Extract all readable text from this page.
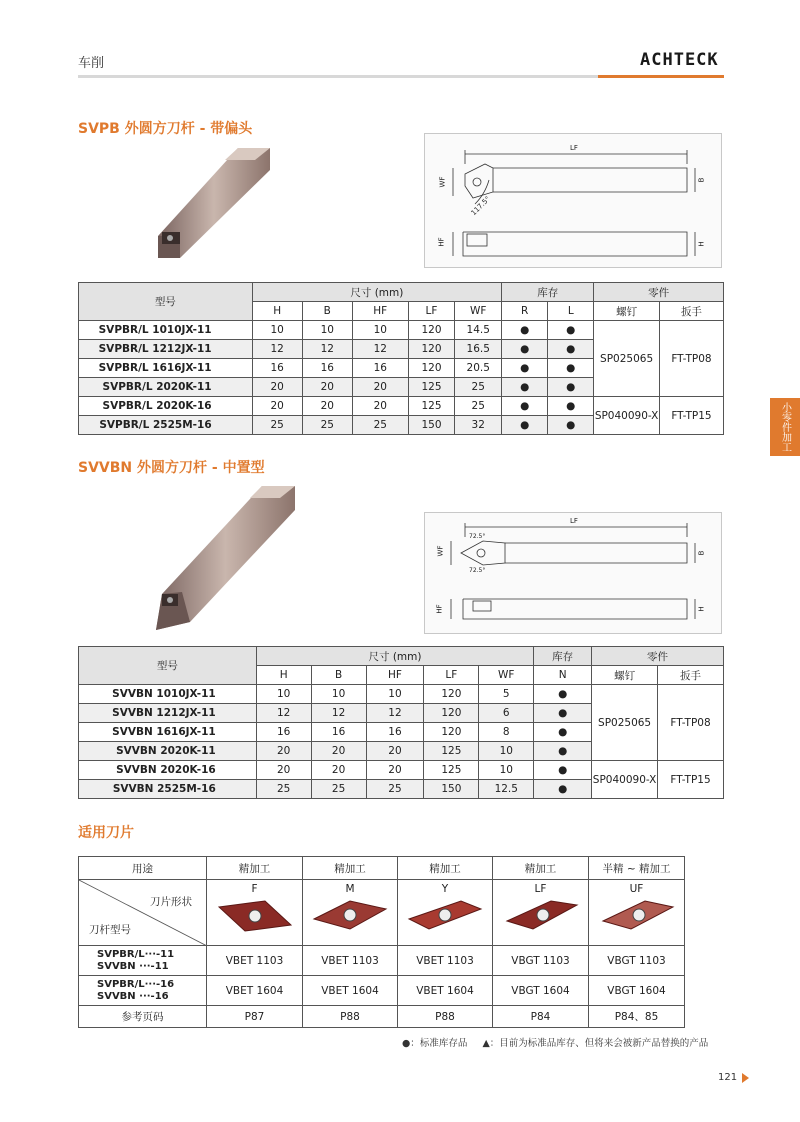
车削	ACHTECK
小零件加工
SVPB 外圆方刀杆 - 带偏头
LF
WF	B
117.5°
HF	H
型号	尺寸 (mm)					库存		零件	
	H	B	HF	LF	WF	R	L	螺钉	扳手
SVPBR/L 1010JX-11	10	10	10	120	14.5	●	●	SP025065	FT-TP08
SVPBR/L 1212JX-11	12	12	12	120	16.5	●	●		
SVPBR/L 1616JX-11	16	16	16	120	20.5	●	●		
SVPBR/L 2020K-11	20	20	20	125	25	●	●		
SVPBR/L 2020K-16	20	20	20	125	25	●	●	SP040090-X	FT-TP15
SVPBR/L 2525M-16	25	25	25	150	32	●	●		
SVVBN 外圆方刀杆 - 中置型
LF
WF	B
72.5°
72.5°
HF	H
型号	尺寸 (mm)					库存	零件	
	H	B	HF	LF	WF	N	螺钉	扳手
SVVBN 1010JX-11	10	10	10	120	5	●	SP025065	FT-TP08
SVVBN 1212JX-11	12	12	12	120	6	●		
SVVBN 1616JX-11	16	16	16	120	8	●		
SVVBN 2020K-11	20	20	20	125	10	●		
SVVBN 2020K-16	20	20	20	125	10	●	SP040090-X	FT-TP15
SVVBN 2525M-16	25	25	25	150	12.5	●		
适用刀片
用途	精加工	精加工	精加工	精加工	半精 ~ 精加工

刀片形状
刀杆型号	F	M	Y	LF	UF

SVPBR/L···-11
SVVBN ···-11	VBET 1103	VBET 1103	VBET 1103	VBGT 1103	VBGT 1103

SVPBR/L···-16
SVVBN ···-16	VBET 1604	VBET 1604	VBET 1604	VBGT 1604	VBGT 1604
参考页码	P87	P88	P88	P84	P84、85
●：标准库存品 ▲：目前为标准品库存、但将来会被新产品替换的产品
121
